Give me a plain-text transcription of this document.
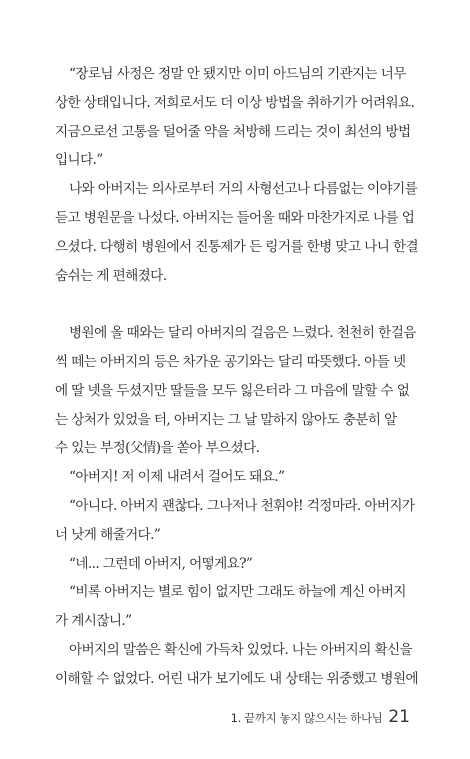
“장로님 사정은 정말 안 됐지만 이미 아드님의 기관지는 너무
상한 상태입니다. 저희로서도 더 이상 방법을 취하기가 어려워요.
지금으로선 고통을 덜어줄 약을 처방해 드리는 것이 최선의 방법
입니다.”
나와 아버지는 의사로부터 거의 사형선고나 다름없는 이야기를
듣고 병원문을 나섰다. 아버지는 들어올 때와 마찬가지로 나를 업
으셨다. 다행히 병원에서 진통제가 든 링거를 한병 맞고 나니 한결
숨쉬는 게 편해졌다.
병원에 올 때와는 달리 아버지의 걸음은 느렸다. 천천히 한걸음
씩 떼는 아버지의 등은 차가운 공기와는 달리 따뜻했다. 아들 넷
에 딸 넷을 두셨지만 딸들을 모두 잃은터라 그 마음에 말할 수 없
는 상처가 있었을 터, 아버지는 그 날 말하지 않아도 충분히 알
수 있는 부정(父情)을 쏟아 부으셨다.
“아버지! 저 이제 내려서 걸어도 돼요.”
“아니다. 아버지 괜찮다. 그나저나 천휘야! 걱정마라. 아버지가
너 낫게 해줄거다.”
“네... 그런데 아버지, 어떻게요?”
“비록 아버지는 별로 힘이 없지만 그래도 하늘에 계신 아버지
가 계시잖니.”
아버지의 말씀은 확신에 가득차 있었다. 나는 아버지의 확신을
이해할 수 없었다. 어린 내가 보기에도 내 상태는 위중했고 병원에
1. 끝까지 놓지 않으시는 하나님 21
